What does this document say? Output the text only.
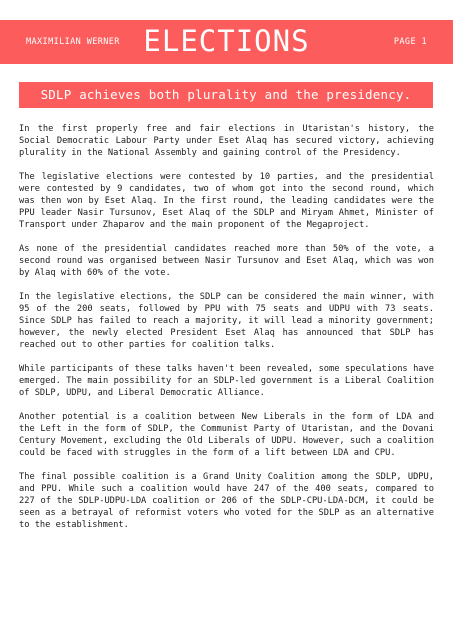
MAXIMILIAN WERNER ELECTIONS	PAGE 1
SDLP achieves both plurality and the presidency.

In the first properly free and fair elections in Utaristan's history, the Social Democratic Labour Party under Eset Alaq has secured victory, achieving plurality in the National Assembly and gaining control of the Presidency.

The legislative elections were contested by 10 parties, and the presidential were contested by 9 candidates, two of whom got into the second round, which was then won by Eset Alaq. In the first round, the leading candidates were the PPU leader Nasir Tursunov, Eset Alaq of the SDLP and Miryam Ahmet, Minister of Transport under Zhaparov and the main proponent of the Megaproject.

As none of the presidential candidates reached more than 50% of the vote, a second round was organised between Nasir Tursunov and Eset Alaq, which was won by Alaq with 60% of the vote.

In the legislative elections, the SDLP can be considered the main winner, with 95 of the 200 seats, followed by PPU with 75 seats and UDPU with 73 seats. Since SDLP has failed to reach a majority, it will lead a minority government; however, the newly elected President Eset Alaq has announced that SDLP has reached out to other parties for coalition talks.

While participants of these talks haven't been revealed, some speculations have emerged. The main possibility for an SDLP-led government is a Liberal Coalition of SDLP, UDPU, and Liberal Democratic Alliance.

Another potential is a coalition between New Liberals in the form of LDA and the Left in the form of SDLP, the Communist Party of Utaristan, and the Dovani Century Movement, excluding the Old Liberals of UDPU. However, such a coalition could be faced with struggles in the form of a lift between LDA and CPU.

The final possible coalition is a Grand Unity Coalition among the SDLP, UDPU, and PPU. While such a coalition would have 247 of the 400 seats, compared to 227 of the SDLP-UDPU-LDA coalition or 206 of the SDLP-CPU-LDA-DCM, it could be seen as a betrayal of reformist voters who voted for the SDLP as an alternative to the establishment.
